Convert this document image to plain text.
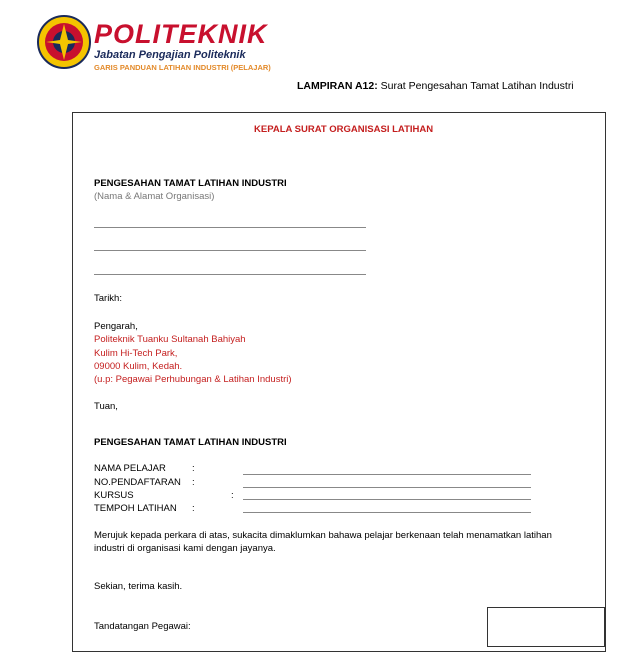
POLITEKNIK
Jabatan Pengajian Politeknik
GARIS PANDUAN LATIHAN INDUSTRI (PELAJAR)
LAMPIRAN A12: Surat Pengesahan Tamat Latihan Industri
KEPALA SURAT ORGANISASI LATIHAN
PENGESAHAN TAMAT LATIHAN INDUSTRI
(Nama & Alamat Organisasi)
Tarikh:
Pengarah,
Politeknik Tuanku Sultanah Bahiyah
Kulim Hi-Tech Park,
09000 Kulim, Kedah.
(u.p: Pegawai Perhubungan & Latihan Industri)
Tuan,
PENGESAHAN TAMAT LATIHAN INDUSTRI
NAMA PELAJAR	:
NO.PENDAFTARAN :
KURSUS	:
TEMPOH LATIHAN :
Merujuk kepada perkara di atas, sukacita dimaklumkan bahawa pelajar berkenaan telah menamatkan latihan
industri di organisasi kami dengan jayanya.
Sekian, terima kasih.
Tandatangan Pegawai:
